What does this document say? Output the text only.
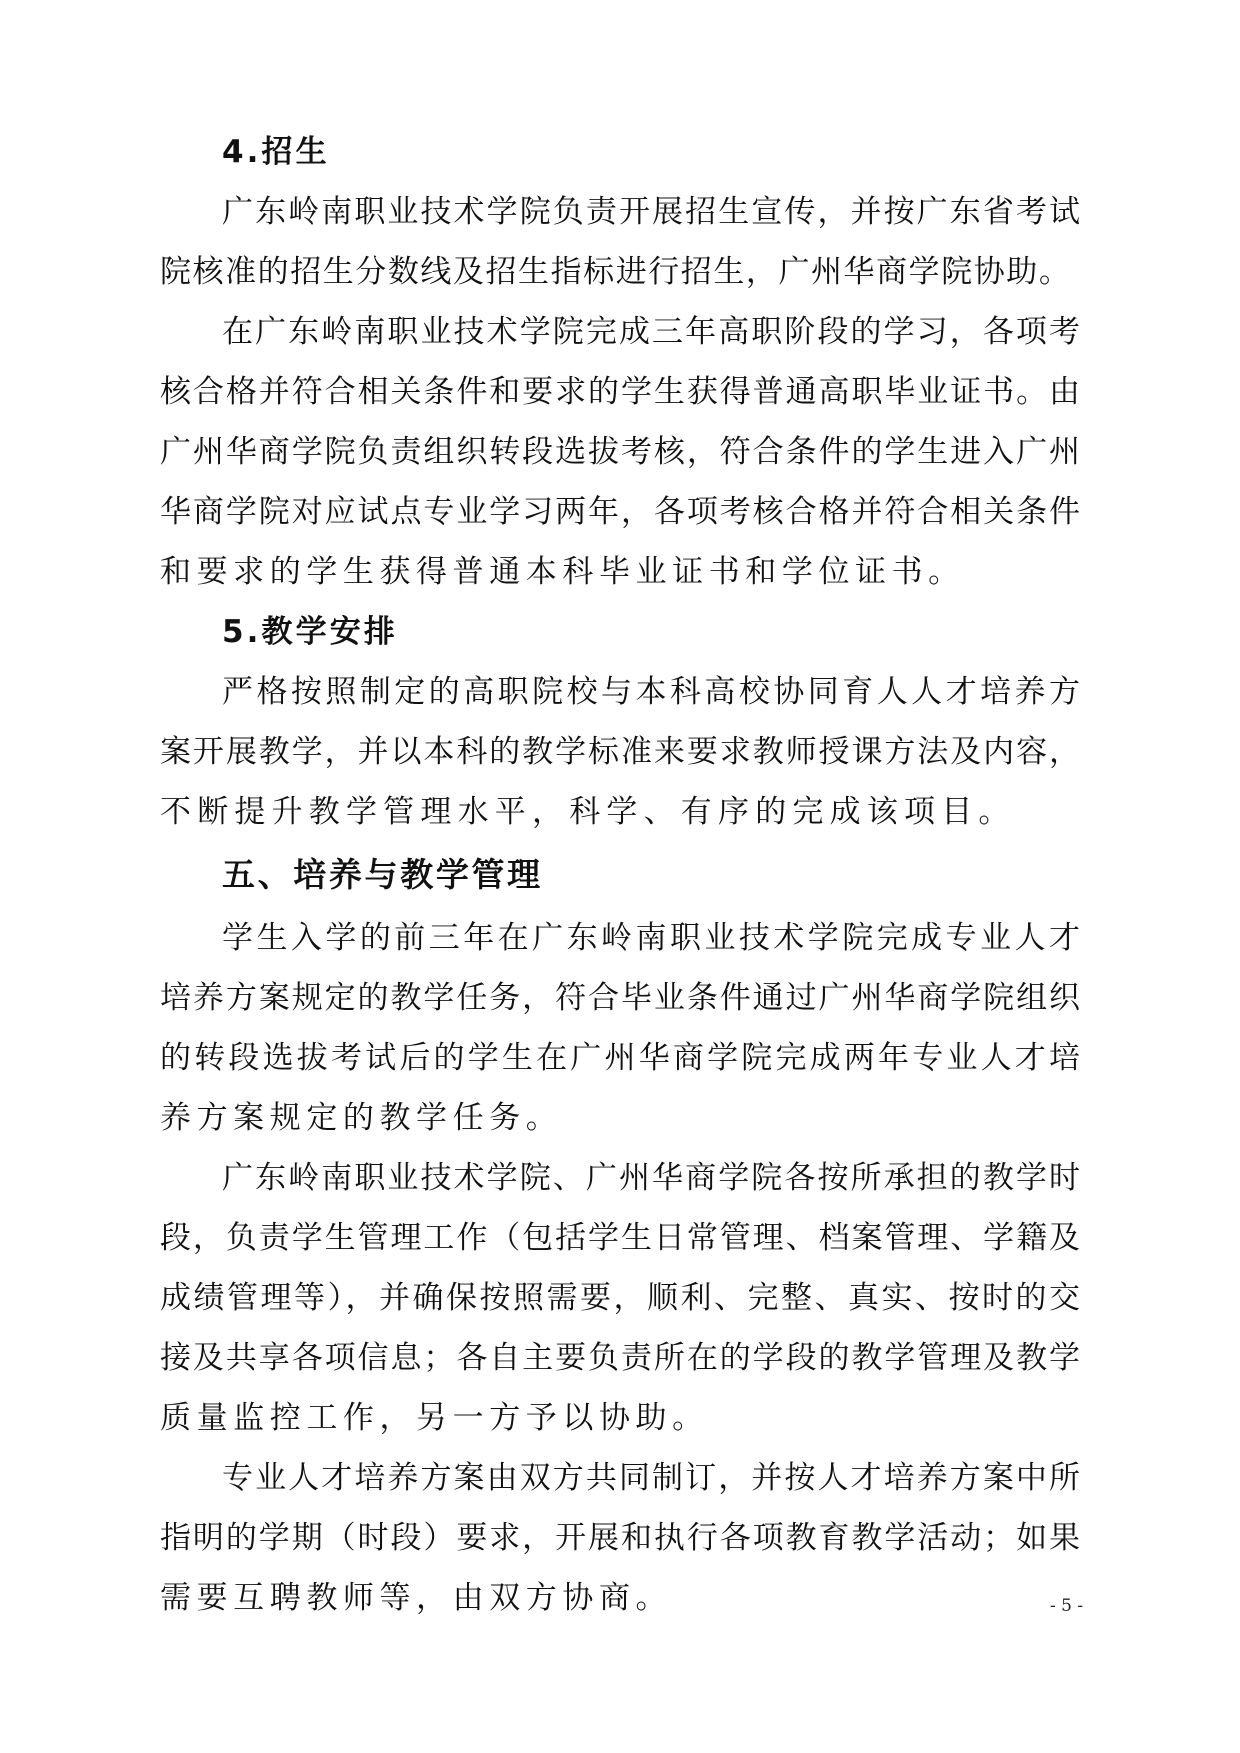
4.招生
广东岭南职业技术学院负责开展招生宣传，并按广东省考试
院核准的招生分数线及招生指标进行招生，广州华商学院协助。
在广东岭南职业技术学院完成三年高职阶段的学习，各项考
核合格并符合相关条件和要求的学生获得普通高职毕业证书。由
广州华商学院负责组织转段选拔考核，符合条件的学生进入广州
华商学院对应试点专业学习两年，各项考核合格并符合相关条件
和要求的学生获得普通本科毕业证书和学位证书。
5.教学安排
严格按照制定的高职院校与本科高校协同育人人才培养方
案开展教学，并以本科的教学标准来要求教师授课方法及内容，
不断提升教学管理水平，科学、有序的完成该项目。
五、培养与教学管理
学生入学的前三年在广东岭南职业技术学院完成专业人才
培养方案规定的教学任务，符合毕业条件通过广州华商学院组织
的转段选拔考试后的学生在广州华商学院完成两年专业人才培
养方案规定的教学任务。
广东岭南职业技术学院、广州华商学院各按所承担的教学时
段，负责学生管理工作（包括学生日常管理、档案管理、学籍及
成绩管理等），并确保按照需要，顺利、完整、真实、按时的交
接及共享各项信息；各自主要负责所在的学段的教学管理及教学
质量监控工作，另一方予以协助。
专业人才培养方案由双方共同制订，并按人才培养方案中所
指明的学期（时段）要求，开展和执行各项教育教学活动；如果
需要互聘教师等，由双方协商。	- 5 -
